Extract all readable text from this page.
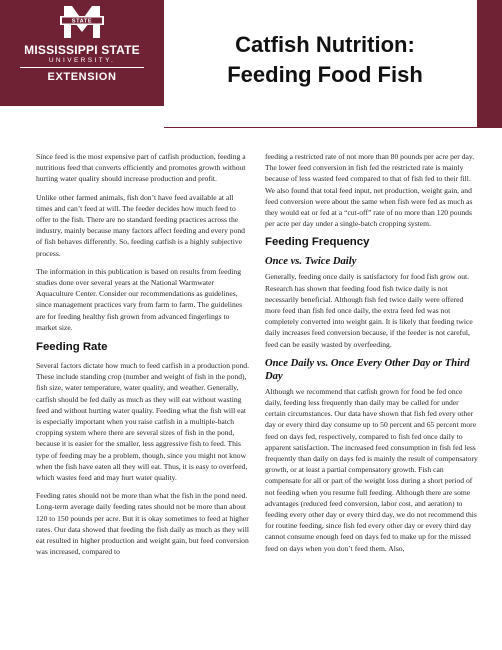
STATE
MISSISSIPPI STATE
UNIVERSITY.
EXTENSION
Catfish Nutrition:
Feeding Food Fish

Since feed is the most expensive part of catfish production, feeding a nutritious feed that converts efficiently and promotes growth without hurting water quality should increase production and profit.

Unlike other farmed animals, fish don’t have feed available at all times and can’t feed at will. The feeder decides how much feed to offer to the fish. There are no standard feeding practices across the industry, mainly because many factors affect feeding and every pond of fish behaves differently. So, feeding catfish is a highly subjective process.

The information in this publication is based on results from feeding studies done over several years at the National Warmwater Aquaculture Center. Consider our recommendations as guidelines, since management practices vary from farm to farm. The guidelines are for feeding healthy fish grown from advanced fingerlings to market size.

Feeding Rate

Several factors dictate how much to feed catfish in a production pond. These include standing crop (number and weight of fish in the pond), fish size, water temperature, water quality, and weather. Generally, catfish should be fed daily as much as they will eat without wasting feed and without hurting water quality. Feeding what the fish will eat is especially important when you raise catfish in a multiple-batch cropping system where there are several sizes of fish in the pond, because it is easier for the smaller, less aggressive fish to feed. This type of feeding may be a problem, though, since you might not know when the fish have eaten all they will eat. Thus, it is easy to overfeed, which wastes feed and may hurt water quality.

Feeding rates should not be more than what the fish in the pond need. Long-term average daily feeding rates should not be more than about 120 to 150 pounds per acre. But it is okay sometimes to feed at higher rates. Our data showed that feeding the fish daily as much as they will eat resulted in higher production and weight gain, but feed conversion was increased, compared to

feeding a restricted rate of not more than 80 pounds per acre per day. The lower feed conversion in fish fed the restricted rate is mainly because of less wasted feed compared to that of fish fed to their fill. We also found that total feed input, net production, weight gain, and feed conversion were about the same when fish were fed as much as they would eat or fed at a “cut-off” rate of no more than 120 pounds per acre per day under a single-batch cropping system.

Feeding Frequency
Once vs. Twice Daily

Generally, feeding once daily is satisfactory for food fish grow out. Research has shown that feeding food fish twice daily is not necessarily beneficial. Although fish fed twice daily were offered more feed than fish fed once daily, the extra feed fed was not completely converted into weight gain. It is likely that feeding twice daily increases feed conversion because, if the feeder is not careful, feed can be easily wasted by overfeeding.

Once Daily vs. Once Every Other Day or Third Day

Although we recommend that catfish grown for food be fed once daily, feeding less frequently than daily may be called for under certain circumstances. Our data have shown that fish fed every other day or every third day consume up to 50 percent and 65 percent more feed on days fed, respectively, compared to fish fed once daily to apparent satisfaction. The increased feed consumption in fish fed less frequently than daily on days fed is mainly the result of compensatory growth, or at least a partial compensatory growth. Fish can compensate for all or part of the weight loss during a short period of not feeding when you resume full feeding. Although there are some advantages (reduced feed conversion, labor cost, and aeration) to feeding every other day or every third day, we do not recommend this for routine feeding, since fish fed every other day or every third day cannot consume enough feed on days fed to make up for the missed feed on days when you don’t feed them. Also,
